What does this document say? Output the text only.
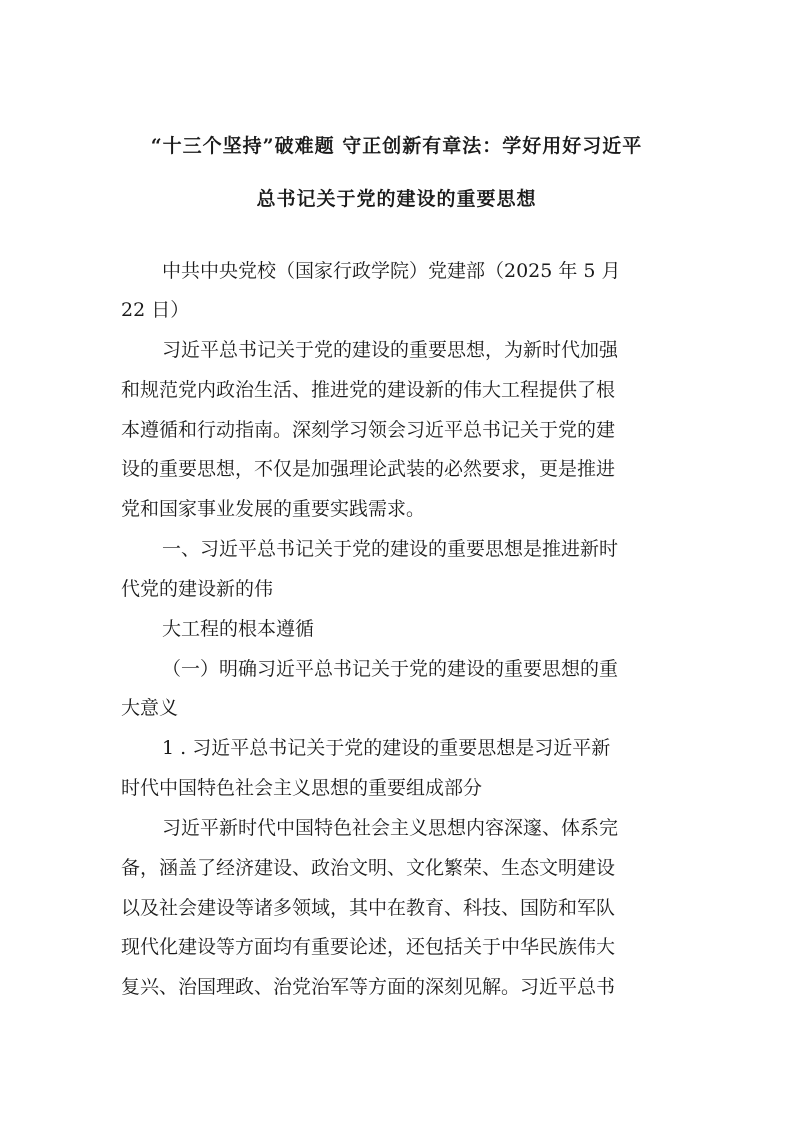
“十三个坚持”破难题 守正创新有章法：学好用好习近平
总书记关于党的建设的重要思想
中共中央党校（国家行政学院）党建部（2025 年 5 月
22 日）
习近平总书记关于党的建设的重要思想，为新时代加强
和规范党内政治生活、推进党的建设新的伟大工程提供了根
本遵循和行动指南。深刻学习领会习近平总书记关于党的建
设的重要思想，不仅是加强理论武装的必然要求，更是推进
党和国家事业发展的重要实践需求。
一、习近平总书记关于党的建设的重要思想是推进新时
代党的建设新的伟
大工程的根本遵循
（一）明确习近平总书记关于党的建设的重要思想的重
大意义
1 . 习近平总书记关于党的建设的重要思想是习近平新
时代中国特色社会主义思想的重要组成部分
习近平新时代中国特色社会主义思想内容深邃、体系完
备，涵盖了经济建设、政治文明、文化繁荣、生态文明建设
以及社会建设等诸多领域，其中在教育、科技、国防和军队
现代化建设等方面均有重要论述，还包括关于中华民族伟大
复兴、治国理政、治党治军等方面的深刻见解。习近平总书
